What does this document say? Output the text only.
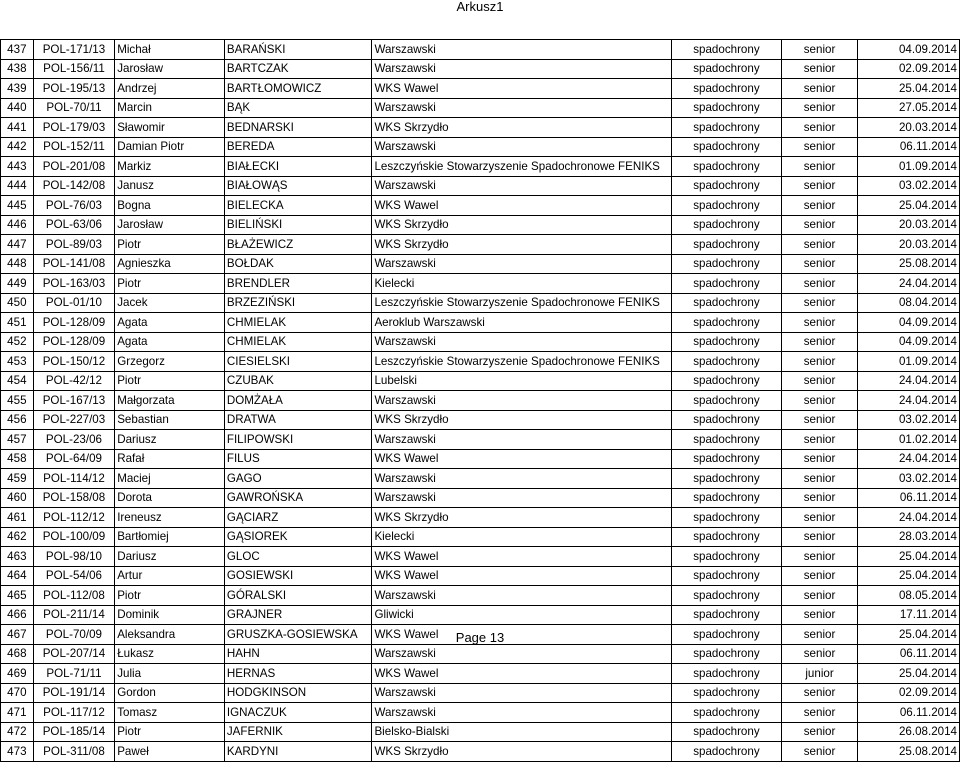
Arkusz1
437	POL-171/13	Michał	BARAŃSKI	Warszawski	spadochrony	senior	04.09.2014
438	POL-156/11	Jarosław	BARTCZAK	Warszawski	spadochrony	senior	02.09.2014
439	POL-195/13	Andrzej	BARTŁOMOWICZ	WKS Wawel	spadochrony	senior	25.04.2014
440	POL-70/11	Marcin	BĄK	Warszawski	spadochrony	senior	27.05.2014
441	POL-179/03	Sławomir	BEDNARSKI	WKS Skrzydło	spadochrony	senior	20.03.2014
442	POL-152/11	Damian Piotr	BEREDA	Warszawski	spadochrony	senior	06.11.2014
443	POL-201/08	Markiz	BIAŁECKI	Leszczyńskie Stowarzyszenie Spadochronowe FENIKS	spadochrony	senior	01.09.2014
444	POL-142/08	Janusz	BIAŁOWĄS	Warszawski	spadochrony	senior	03.02.2014
445	POL-76/03	Bogna	BIELECKA	WKS Wawel	spadochrony	senior	25.04.2014
446	POL-63/06	Jarosław	BIELIŃSKI	WKS Skrzydło	spadochrony	senior	20.03.2014
447	POL-89/03	Piotr	BŁAŻEWICZ	WKS Skrzydło	spadochrony	senior	20.03.2014
448	POL-141/08	Agnieszka	BOŁDAK	Warszawski	spadochrony	senior	25.08.2014
449	POL-163/03	Piotr	BRENDLER	Kielecki	spadochrony	senior	24.04.2014
450	POL-01/10	Jacek	BRZEZIŃSKI	Leszczyńskie Stowarzyszenie Spadochronowe FENIKS	spadochrony	senior	08.04.2014
451	POL-128/09	Agata	CHMIELAK	Aeroklub Warszawski	spadochrony	senior	04.09.2014
452	POL-128/09	Agata	CHMIELAK	Warszawski	spadochrony	senior	04.09.2014
453	POL-150/12	Grzegorz	CIESIELSKI	Leszczyńskie Stowarzyszenie Spadochronowe FENIKS	spadochrony	senior	01.09.2014
454	POL-42/12	Piotr	CZUBAK	Lubelski	spadochrony	senior	24.04.2014
455	POL-167/13	Małgorzata	DOMŻAŁA	Warszawski	spadochrony	senior	24.04.2014
456	POL-227/03	Sebastian	DRATWA	WKS Skrzydło	spadochrony	senior	03.02.2014
457	POL-23/06	Dariusz	FILIPOWSKI	Warszawski	spadochrony	senior	01.02.2014
458	POL-64/09	Rafał	FILUS	WKS Wawel	spadochrony	senior	24.04.2014
459	POL-114/12	Maciej	GAGO	Warszawski	spadochrony	senior	03.02.2014
460	POL-158/08	Dorota	GAWROŃSKA	Warszawski	spadochrony	senior	06.11.2014
461	POL-112/12	Ireneusz	GĄCIARZ	WKS Skrzydło	spadochrony	senior	24.04.2014
462	POL-100/09	Bartłomiej	GĄSIOREK	Kielecki	spadochrony	senior	28.03.2014
463	POL-98/10	Dariusz	GLOC	WKS Wawel	spadochrony	senior	25.04.2014
464	POL-54/06	Artur	GOSIEWSKI	WKS Wawel	spadochrony	senior	25.04.2014
465	POL-112/08	Piotr	GÓRALSKI	Warszawski	spadochrony	senior	08.05.2014
466	POL-211/14	Dominik	GRAJNER	Gliwicki	spadochrony	senior	17.11.2014
467	POL-70/09	Aleksandra	GRUSZKA-GOSIEWSKA	WKS Wawel	spadochrony	senior	25.04.2014
468	POL-207/14	Łukasz	HAHN	Warszawski	spadochrony	senior	06.11.2014
469	POL-71/11	Julia	HERNAS	WKS Wawel	spadochrony	junior	25.04.2014
470	POL-191/14	Gordon	HODGKINSON	Warszawski	spadochrony	senior	02.09.2014
471	POL-117/12	Tomasz	IGNACZUK	Warszawski	spadochrony	senior	06.11.2014
472	POL-185/14	Piotr	JAFERNIK	Bielsko-Bialski	spadochrony	senior	26.08.2014
473	POL-311/08	Paweł	KARDYNI	WKS Skrzydło	spadochrony	senior	25.08.2014
Page 13
